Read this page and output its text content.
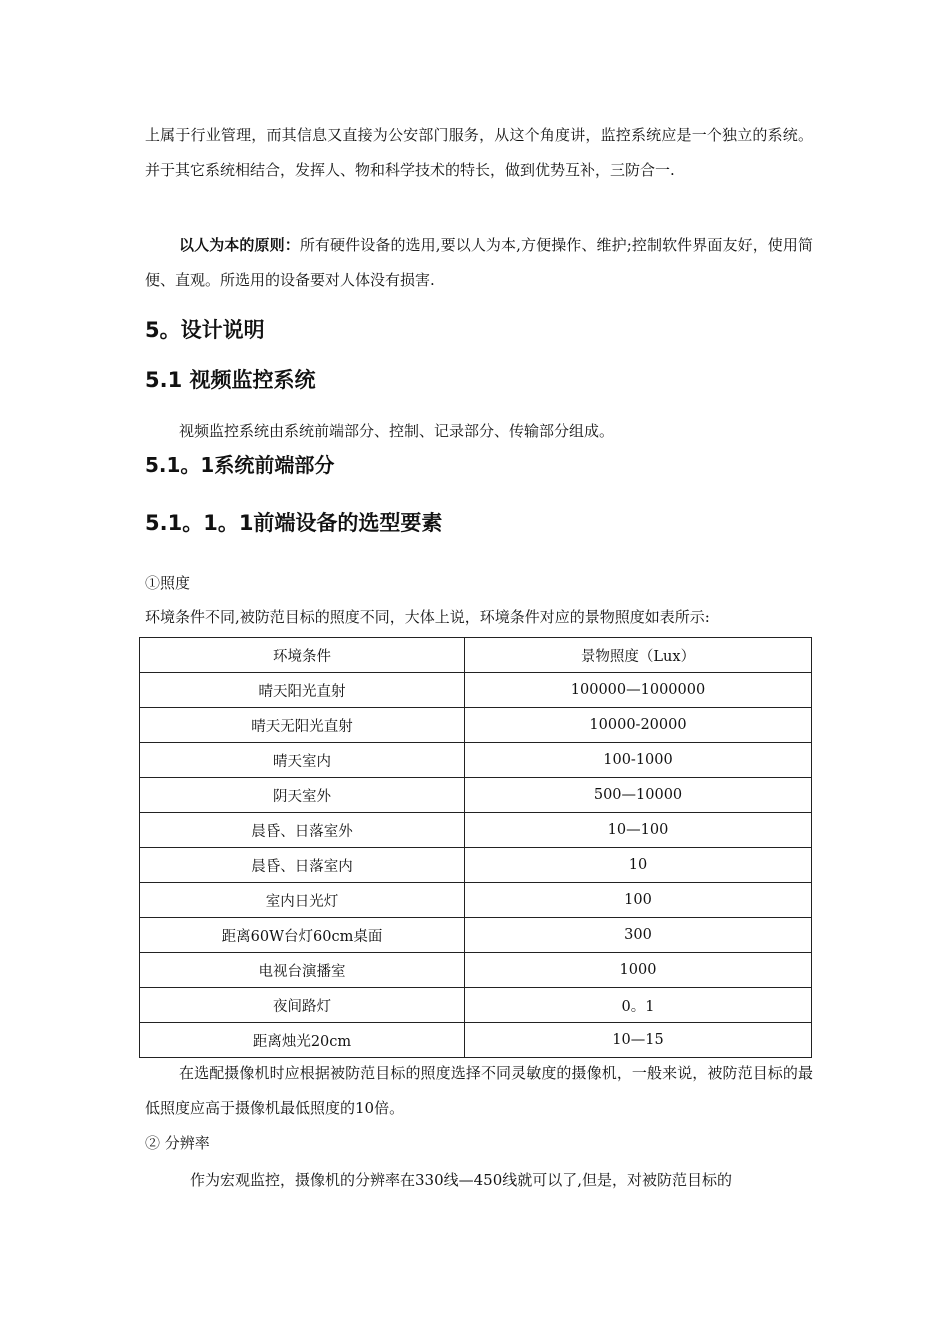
上属于行业管理，而其信息又直接为公安部门服务，从这个角度讲，监控系统应是一个独立的系统。并于其它系统相结合，发挥人、物和科学技术的特长，做到优势互补，三防合一.

以人为本的原则：所有硬件设备的选用,要以人为本,方便操作、维护;控制软件界面友好，使用简便、直观。所选用的设备要对人体没有损害.

5。设计说明
5.1 视频监控系统

视频监控系统由系统前端部分、控制、记录部分、传输部分组成。

5.1。1系统前端部分
5.1。1。1前端设备的选型要素

①照度

环境条件不同,被防范目标的照度不同，大体上说，环境条件对应的景物照度如表所示:

环境条件	景物照度（Lux）
晴天阳光直射	100000—1000000
晴天无阳光直射	10000-20000
晴天室内	100-1000
阴天室外	500—10000
晨昏、日落室外	10—100
晨昏、日落室内	10
室内日光灯	100
距离60W台灯60cm桌面	300
电视台演播室	1000
夜间路灯	0。1
距离烛光20cm	10—15

在选配摄像机时应根据被防范目标的照度选择不同灵敏度的摄像机，一般来说，被防范目标的最低照度应高于摄像机最低照度的10倍。

② 分辨率

作为宏观监控，摄像机的分辨率在330线—450线就可以了,但是，对被防范目标的
